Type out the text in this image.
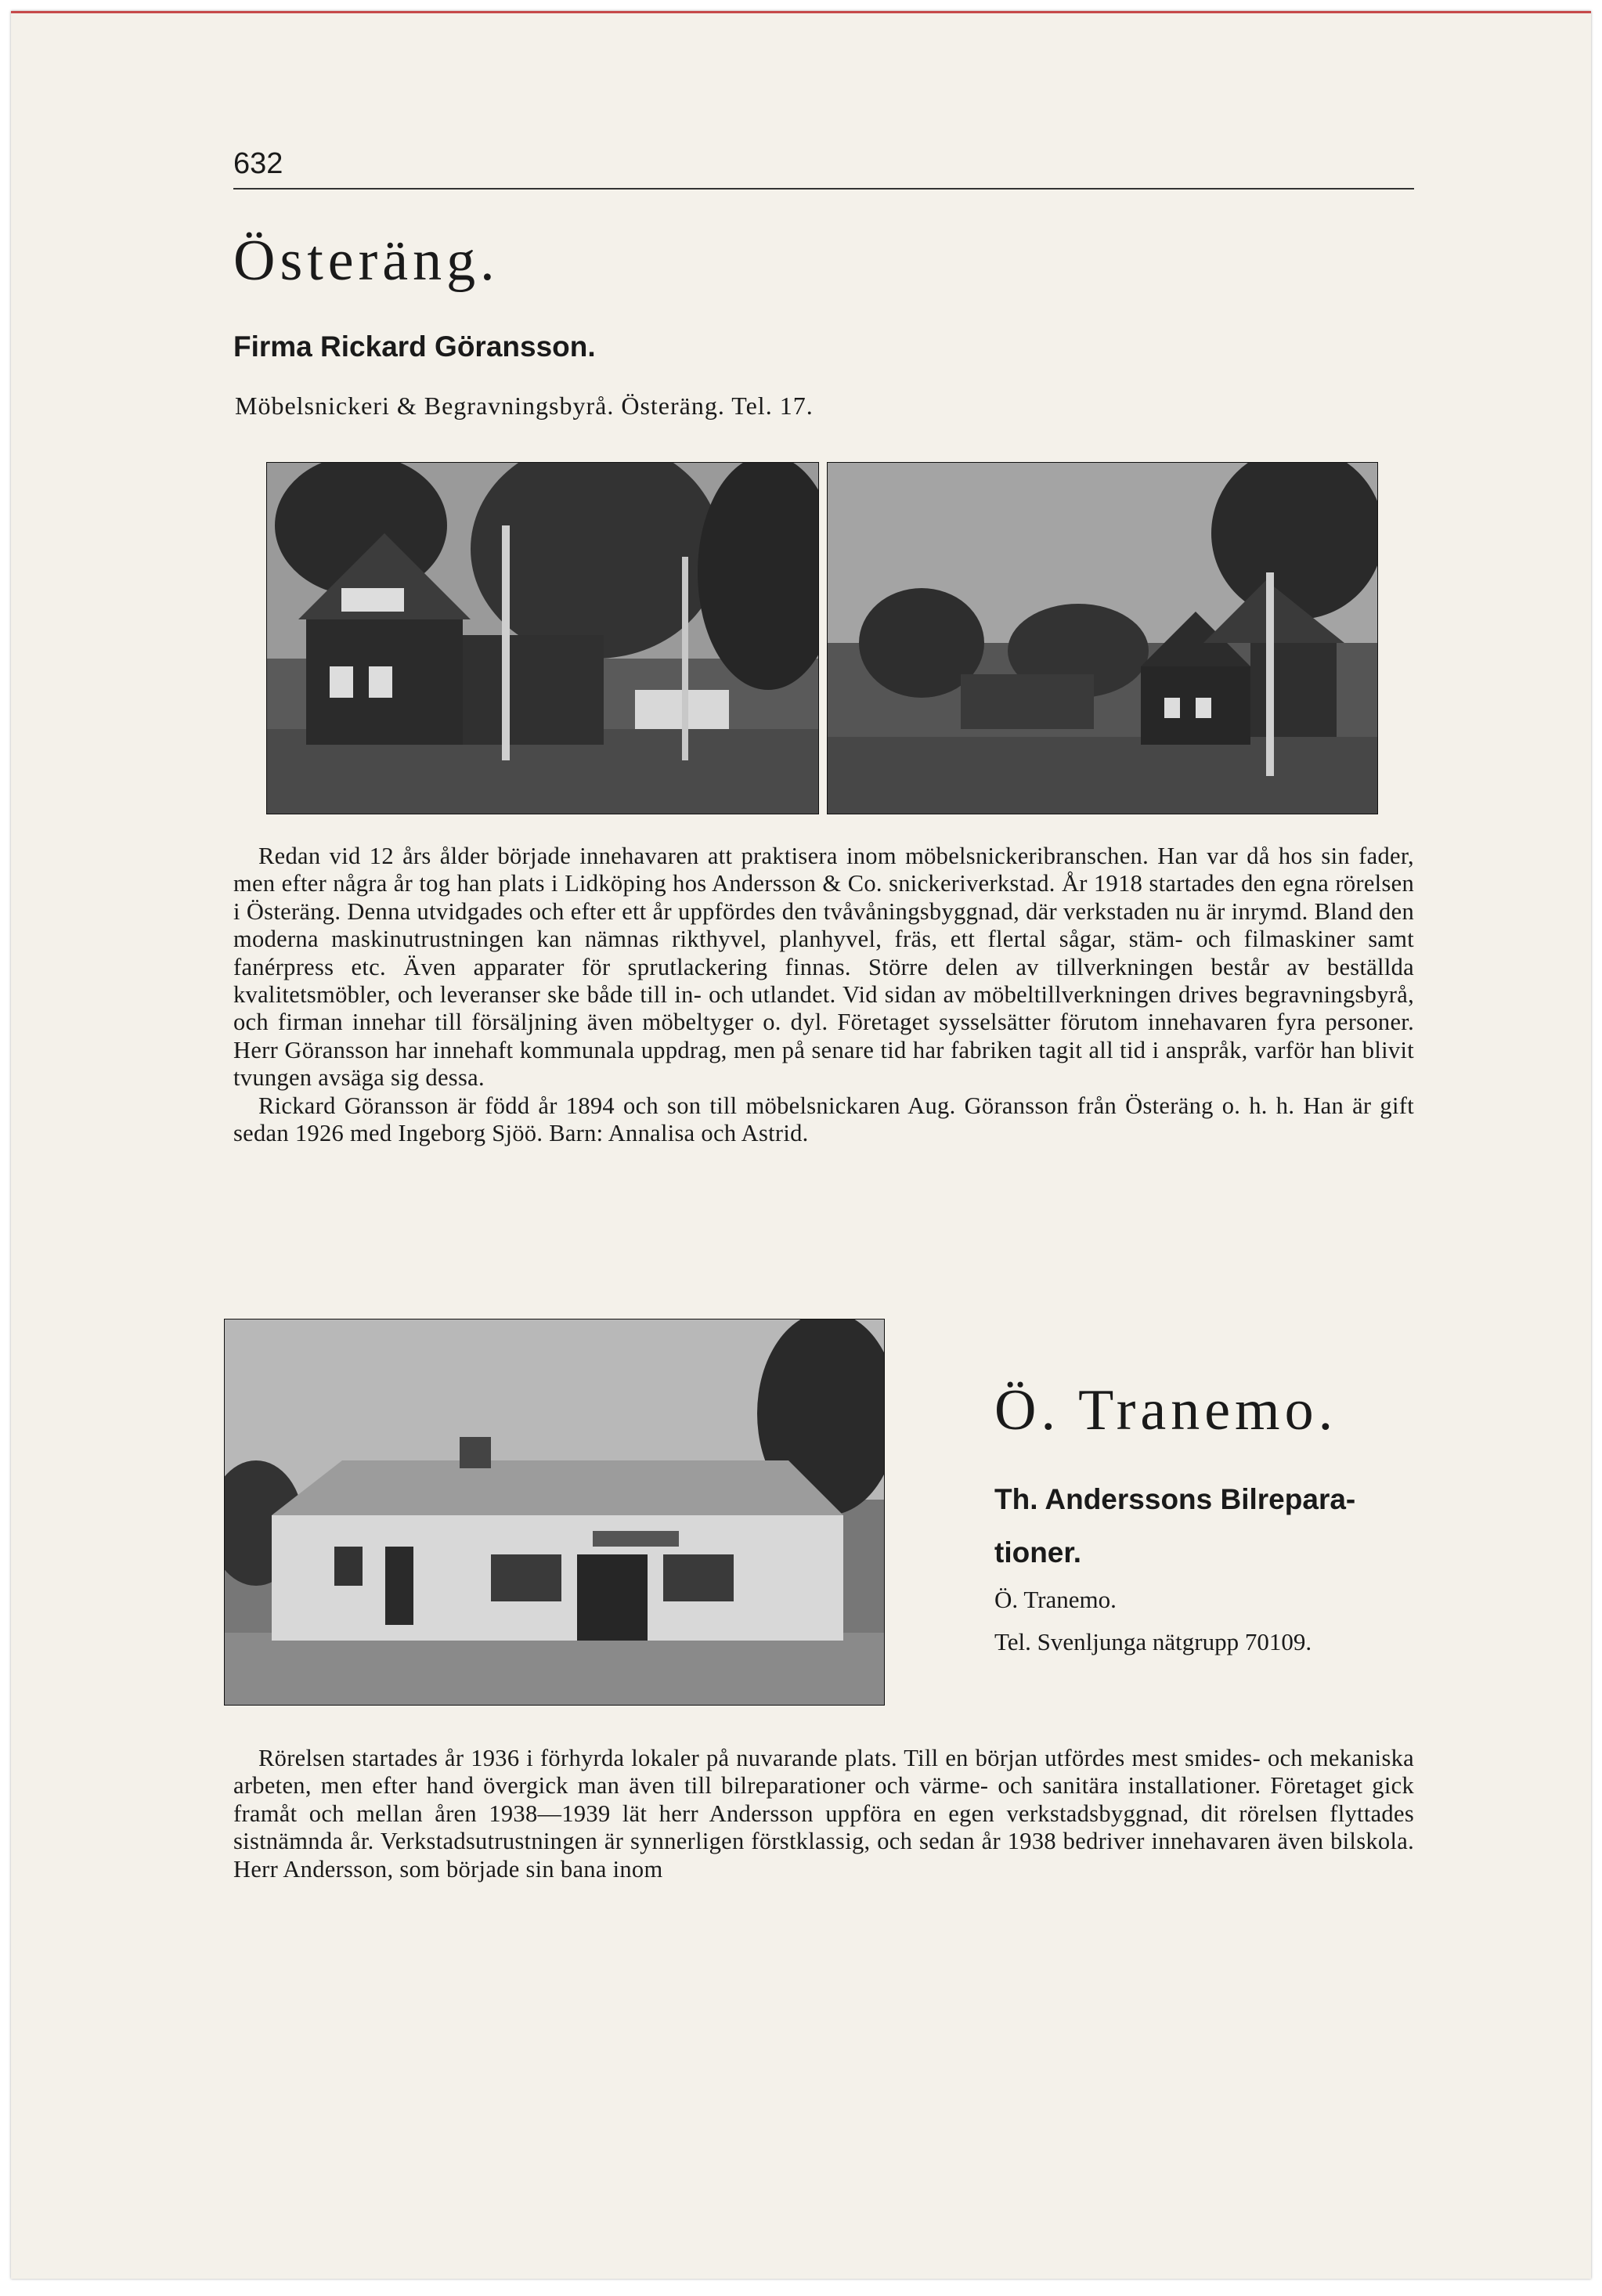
632
Österäng.
Firma Rickard Göransson.
Möbelsnickeri & Begravningsbyrå. Österäng. Tel. 17.

Redan vid 12 års ålder började innehavaren att praktisera inom möbelsnickeribranschen. Han var då hos sin fader, men efter några år tog han plats i Lidköping hos Andersson & Co. snickeriverkstad. År 1918 startades den egna rörelsen i Österäng. Denna utvidgades och efter ett år uppfördes den tvåvåningsbyggnad, där verkstaden nu är inrymd. Bland den moderna maskinutrustningen kan nämnas rikthyvel, planhyvel, fräs, ett flertal sågar, stäm- och filmaskiner samt fanérpress etc. Även apparater för sprutlackering finnas. Större delen av tillverkningen består av beställda kvalitetsmöbler, och leveranser ske både till in- och utlandet. Vid sidan av möbeltillverkningen drives begravningsbyrå, och firman innehar till försäljning även möbeltyger o. dyl. Företaget sysselsätter förutom innehavaren fyra personer. Herr Göransson har innehaft kommunala uppdrag, men på senare tid har fabriken tagit all tid i anspråk, varför han blivit tvungen avsäga sig dessa.

Rickard Göransson är född år 1894 och son till möbelsnickaren Aug. Göransson från Österäng o. h. h. Han är gift sedan 1926 med Ingeborg Sjöö. Barn: Annalisa och Astrid.

Ö. Tranemo.
Th. Anderssons Bilrepara-
tioner.
Ö. Tranemo.
Tel. Svenljunga nätgrupp 70109.

Rörelsen startades år 1936 i förhyrda lokaler på nuvarande plats. Till en början utfördes mest smides- och mekaniska arbeten, men efter hand övergick man även till bilreparationer och värme- och sanitära installationer. Företaget gick framåt och mellan åren 1938—1939 lät herr Andersson uppföra en egen verkstadsbyggnad, dit rörelsen flyttades sistnämnda år. Verkstadsutrustningen är synnerligen förstklassig, och sedan år 1938 bedriver innehavaren även bilskola. Herr Andersson, som började sin bana inom
